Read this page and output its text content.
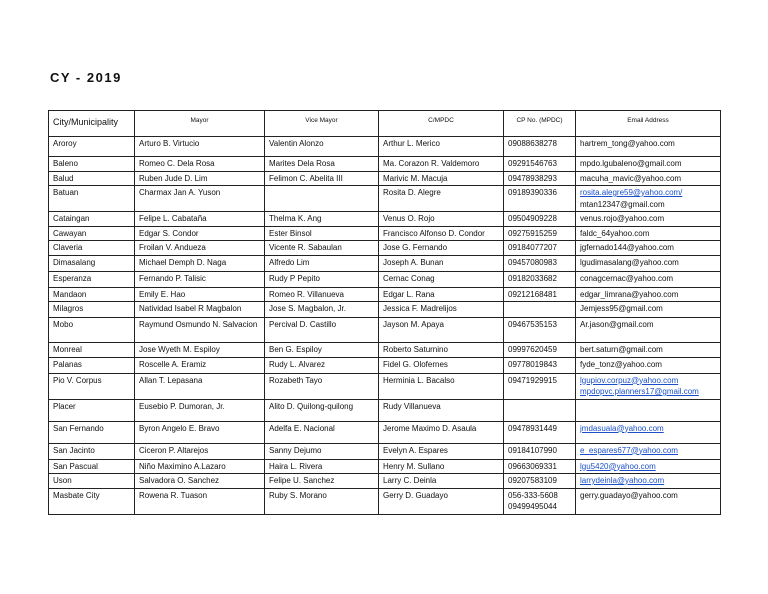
CY - 2019
City/Municipality	Mayor	Vice Mayor	C/MPDC	CP No. (MPDC)	Email Address
Aroroy	Arturo B. Virtucio	Valentin Alonzo	Arthur L. Merico	09088638278	hartrem_tong@yahoo.com

Baleno	Romeo C. Dela Rosa	Marites Dela Rosa	Ma. Corazon R. Valdemoro	09291546763	mpdo.lgubaleno@gmail.com

Balud	Ruben Jude D. Lim	Felimon C. Abelita III	Marivic M. Macuja	09478938293	macuha_mavic@yahoo.com

Batuan	Charmax Jan A. Yuson		Rosita D. Alegre	09189390336	rosita.alegre59@yahoo.com/
mtan12347@gmail.com

Cataingan	Felipe L. Cabataña	Thelma K. Ang	Venus O. Rojo	09504909228	venus.rojo@yahoo.com

Cawayan	Edgar S. Condor	Ester Binsol	Francisco Alfonso D. Condor	09275915259	faldc_64yahoo.com

Claveria	Froilan V. Andueza	Vicente R. Sabaulan	Jose G. Fernando	09184077207	jgfernado144@yahoo.com

Dimasalang	Michael Demph D. Naga	Alfredo Lim	Joseph A. Bunan	09457080983	lgudimasalang@yahoo.com

Esperanza	Fernando P. Talisic	Rudy P Pepito	Cernac Conag	09182033682	conagcernac@yahoo.com

Mandaon	Emily E. Hao	Romeo R. Villanueva	Edgar L. Rana	09212168481	edgar_limrana@yahoo.com

Milagros	Natividad Isabel R Magbalon	Jose S. Magbalon, Jr.	Jessica F. Madrelijos		Jemjess95@gmail.com

Mobo	Raymund Osmundo N. Salvacion	Percival D. Castillo	Jayson M. Apaya	09467535153	Ar.jason@gmail.com

Monreal	Jose Wyeth M. Espiloy	Ben G. Espiloy	Roberto Saturnino	09997620459	bert.saturn@gmail.com

Palanas	Roscelle A. Eramiz	Rudy L. Alvarez	Fidel G. Olofernes	09778019843	fyde_tonz@yahoo.com

Pio V. Corpus	Allan T. Lepasana	Rozabeth Tayo	Herminia L. Bacalso	09471929915	lgupiov.corpuz@yahoo.com
mpdopvc.planners17@gmail.com

Placer	Eusebio P. Dumoran, Jr.	Alito D. Quilong-quilong	Rudy Villanueva		

San Fernando	Byron Angelo E. Bravo	Adelfa E. Nacional	Jerome Maximo D. Asaula	09478931449	jmdasuala@yahoo.com

San Jacinto	Ciceron P. Altarejos	Sanny Dejumo	Evelyn A. Espares	09184107990	e_espares677@yahoo.com

San Pascual	Niño Maximino A.Lazaro	Haira L. Rivera	Henry M. Sullano	09663069331	lgu5420@yahoo.com

Uson	Salvadora O. Sanchez	Felipe U. Sanchez	Larry C. Deinla	09207583109	larrydeinla@yahoo.com

Masbate City	Rowena R. Tuason	Ruby S. Morano	Gerry D. Guadayo	056-333-5608
09499495044	gerry.guadayo@yahoo.com
